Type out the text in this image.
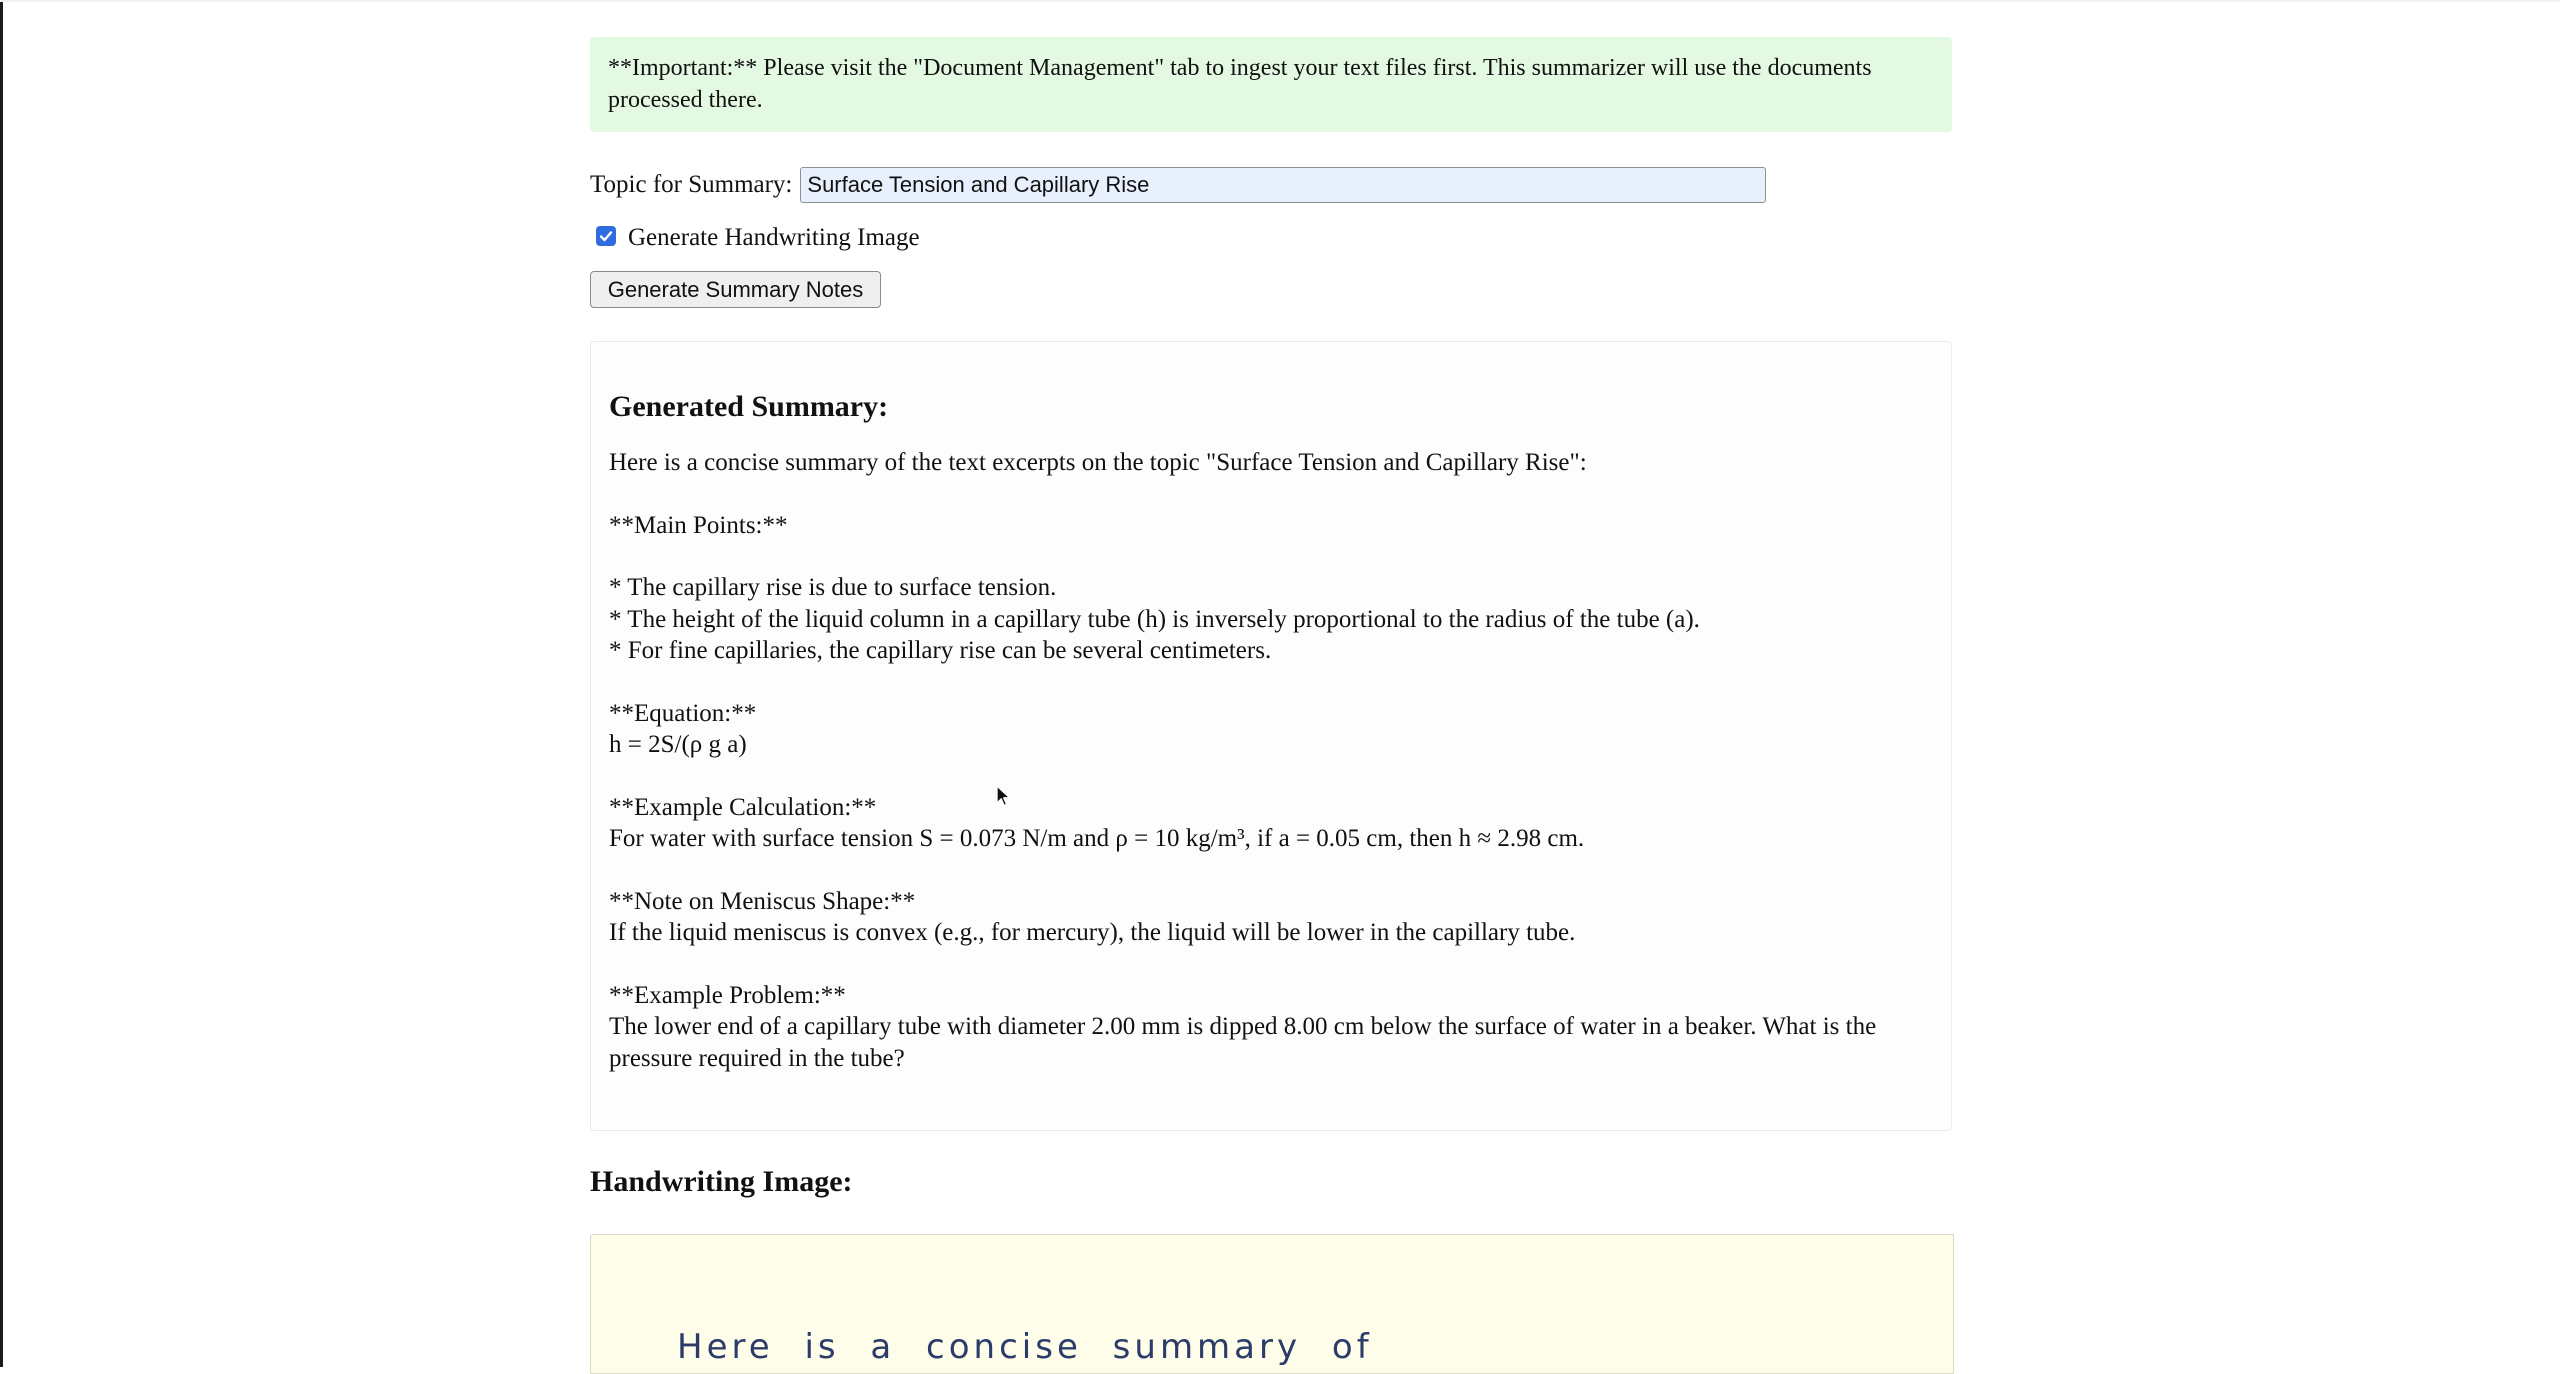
**Important:** Please visit the "Document Management" tab to ingest your text files first. This summarizer will use the documents processed there.
Topic for Summary:
Surface Tension and Capillary Rise
Generate Handwriting Image
Generate Summary Notes
Generated Summary:

Here is a concise summary of the text excerpts on the topic "Surface Tension and Capillary Rise":

**Main Points:**

* The capillary rise is due to surface tension.
* The height of the liquid column in a capillary tube (h) is inversely proportional to the radius of the tube (a).
* For fine capillaries, the capillary rise can be several centimeters.

**Equation:**
h = 2S/(ρ g a)

**Example Calculation:**
For water with surface tension S = 0.073 N/m and ρ = 10 kg/m³, if a = 0.05 cm, then h ≈ 2.98 cm.

**Note on Meniscus Shape:**
If the liquid meniscus is convex (e.g., for mercury), the liquid will be lower in the capillary tube.

**Example Problem:**
The lower end of a capillary tube with diameter 2.00 mm is dipped 8.00 cm below the surface of water in a beaker. What is the pressure required in the tube?

Handwriting Image:
Here is a concise summary of
